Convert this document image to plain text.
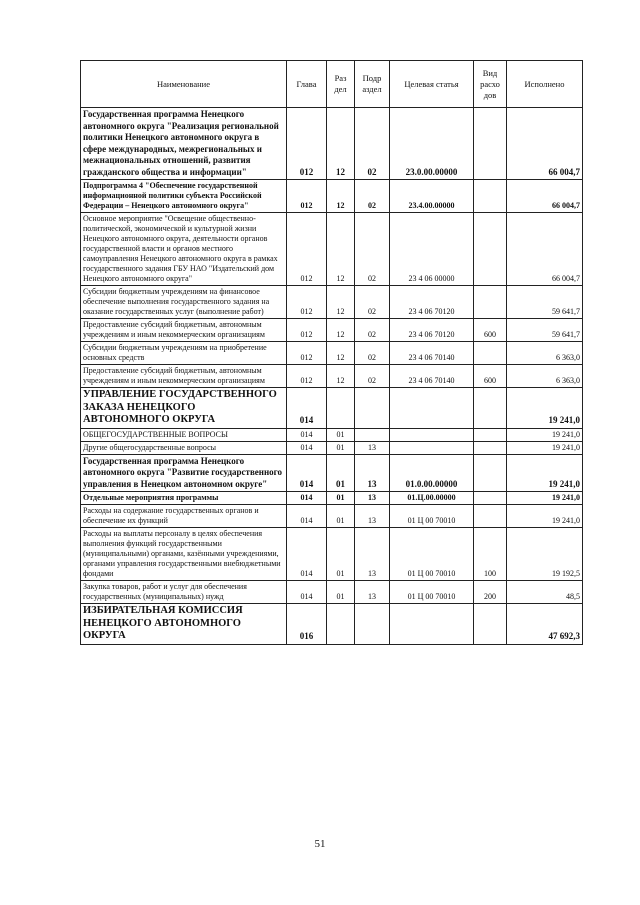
Наименование	Глава	Раз дел	Подр аздел	Целевая статья	Вид расхо дов	Исполнено
Государственная программа Ненецкого автономного округа "Реализация региональной политики Ненецкого автономного округа в сфере международных, межрегиональных и межнациональных отношений, развития гражданского общества и информации"	012	12	02	23.0.00.00000		66 004,7
Подпрограмма 4 "Обеспечение государственной информационной политики субъекта Российской Федерации – Ненецкого автономного округа"	012	12	02	23.4.00.00000		66 004,7
Основное мероприятие "Освещение общественно-политической, экономической и культурной жизни Ненецкого автономного округа, деятельности органов государственной власти и органов местного самоуправления Ненецкого автономного округа в рамках государственного задания ГБУ НАО "Издательский дом Ненецкого автономного округа"	012	12	02	23 4 06 00000		66 004,7
Субсидии бюджетным учреждениям на финансовое обеспечение выполнения государственного задания на оказание государственных услуг (выполнение работ)	012	12	02	23 4 06 70120		59 641,7
Предоставление субсидий бюджетным, автономным учреждениям и иным некоммерческим организациям	012	12	02	23 4 06 70120	600	59 641,7
Субсидии бюджетным учреждениям на приобретение основных средств	012	12	02	23 4 06 70140		6 363,0
Предоставление субсидий бюджетным, автономным учреждениям и иным некоммерческим организациям	012	12	02	23 4 06 70140	600	6 363,0
УПРАВЛЕНИЕ ГОСУДАРСТВЕННОГО ЗАКАЗА НЕНЕЦКОГО АВТОНОМНОГО ОКРУГА	014					19 241,0
ОБЩЕГОСУДАРСТВЕННЫЕ ВОПРОСЫ	014	01				19 241,0
Другие общегосударственные вопросы	014	01	13			19 241,0
Государственная программа Ненецкого автономного округа "Развитие государственного управления в Ненецком автономном округе"	014	01	13	01.0.00.00000		19 241,0
Отдельные мероприятия программы	014	01	13	01.Ц.00.00000		19 241,0
Расходы на содержание государственных органов и обеспечение их функций	014	01	13	01 Ц 00 70010		19 241,0
Расходы на выплаты персоналу в целях обеспечения выполнения функций государственными (муниципальными) органами, казёнными учреждениями, органами управления государственными внебюджетными фондами	014	01	13	01 Ц 00 70010	100	19 192,5
Закупка товаров, работ и услуг для обеспечения государственных (муниципальных) нужд	014	01	13	01 Ц 00 70010	200	48,5
ИЗБИРАТЕЛЬНАЯ КОМИССИЯ НЕНЕЦКОГО АВТОНОМНОГО ОКРУГА	016					47 692,3
51
